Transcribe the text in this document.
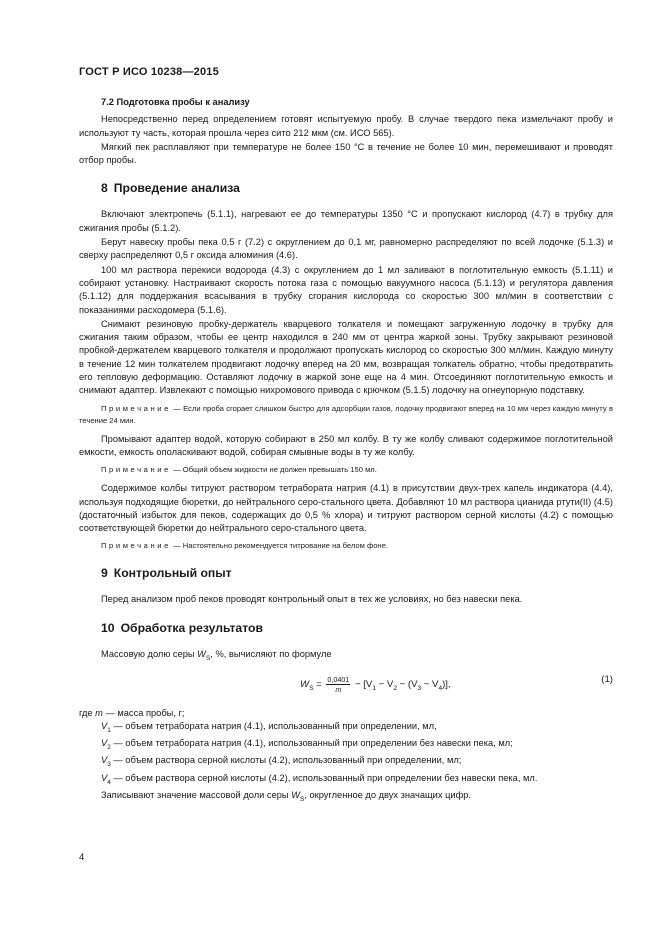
ГОСТ Р ИСО 10238—2015
7.2 Подготовка пробы к анализу

Непосредственно перед определением готовят испытуемую пробу. В случае твердого пека измельчают пробу и используют ту часть, которая прошла через сито 212 мкм (см. ИСО 565).

Мягкий пек расплавляют при температуре не более 150 °С в течение не более 10 мин, перемешивают и проводят отбор пробы.

8 Проведение анализа

Включают электропечь (5.1.1), нагревают ее до температуры 1350 °С и пропускают кислород (4.7) в трубку для сжигания пробы (5.1.2).

Берут навеску пробы пека 0,5 г (7.2) с округлением до 0,1 мг, равномерно распределяют по всей лодочке (5.1.3) и сверху распределяют 0,5 г оксида алюминия (4.6).

100 мл раствора перекиси водорода (4.3) с округлением до 1 мл заливают в поглотительную емкость (5.1.11) и собирают установку. Настраивают скорость потока газа с помощью вакуумного насоса (5.1.13) и регулятора давления (5.1.12) для поддержания всасывания в трубку сгорания кислорода со скоростью 300 мл/мин в соответствии с показаниями расходомера (5.1.6).

Снимают резиновую пробку-держатель кварцевого толкателя и помещают загруженную лодочку в трубку для сжигания таким образом, чтобы ее центр находился в 240 мм от центра жаркой зоны. Трубку закрывают резиновой пробкой-держателем кварцевого толкателя и продолжают пропускать кислород со скоростью 300 мл/мин. Каждую минуту в течение 12 мин толкателем продвигают лодочку вперед на 20 мм, возвращая толкатель обратно, чтобы предотвратить его тепловую деформацию. Оставляют лодочку в жаркой зоне еще на 4 мин. Отсоединяют поглотительную емкость и снимают адаптер. Извлекают с помощью нихромового привода с крючком (5.1.5) лодочку на огнеупорную подставку.

Примечание — Если проба сгорает слишком быстро для адсорбции газов, лодочку продвигают вперед на 10 мм через каждую минуту в течение 24 мин.

Промывают адаптер водой, которую собирают в 250 мл колбу. В ту же колбу сливают содержимое поглотительной емкости, емкость ополаскивают водой, собирая смывные воды в ту же колбу.

Примечание — Общий объем жидкости не должен превышать 150 мл.

Содержимое колбы титруют раствором тетрабората натрия (4.1) в присутствии двух-трех капель индикатора (4.4), используя подходящие бюретки, до нейтрального серо-стального цвета. Добавляют 10 мл раствора цианида ртути(II) (4.5) (достаточный избыток для пеков, содержащих до 0,5 % хлора) и титруют раствором серной кислоты (4.2) с помощью соответствующей бюретки до нейтрального серо-стального цвета.

Примечание — Настоятельно рекомендуется титрование на белом фоне.
9 Контрольный опыт

Перед анализом проб пеков проводят контрольный опыт в тех же условиях, но без навески пека.

10 Обработка результатов

Массовую долю серы $W_S$, %, вычисляют по формуле

$W_S = \frac{0,0401}{m} - [V_1 - V_2 - (V_3 - V_4)]$,	(1)

где m — масса пробы, г;

$V_1$ — объем тетрабората натрия (4.1), использованный при определении, мл,

$V_2$ — объем тетрабората натрия (4.1), использованный при определении без навески пека, мл;

$V_3$ — объем раствора серной кислоты (4.2), использованный при определении, мл;

$V_4$ — объем раствора серной кислоты (4.2), использованный при определении без навески пека, мл.

Записывают значение массовой доли серы $W_S$, округленное до двух значащих цифр.

4
